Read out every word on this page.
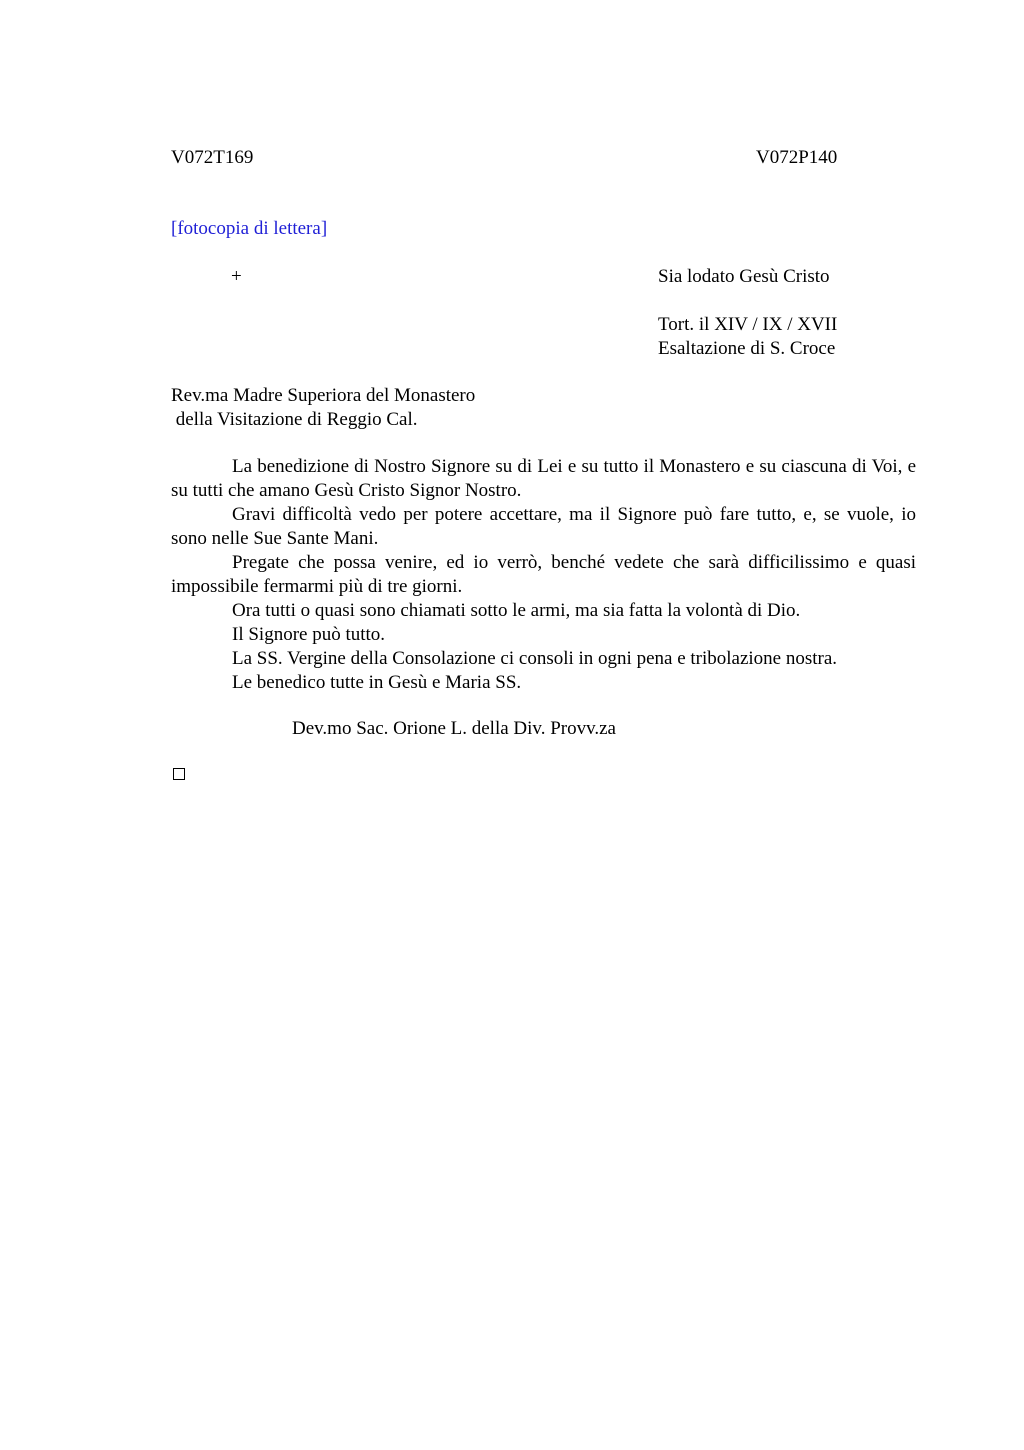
V072T169	V072P140
[fotocopia di lettera]
+	Sia lodato Gesù Cristo
Tort. il XIV / IX / XVII
Esaltazione di S. Croce
Rev.ma Madre Superiora del Monastero
della Visitazione di Reggio Cal.

La benedizione di Nostro Signore su di Lei e su tutto il Monastero e su ciascuna di Voi, e su tutti che amano Gesù Cristo Signor Nostro.

Gravi difficoltà vedo per potere accettare, ma il Signore può fare tutto, e, se vuole, io sono nelle Sue Sante Mani.

Pregate che possa venire, ed io verrò, benché vedete che sarà difficilissimo e quasi impossibile fermarmi più di tre giorni.

Ora tutti o quasi sono chiamati sotto le armi, ma sia fatta la volontà di Dio.

Il Signore può tutto.

La SS. Vergine della Consolazione ci consoli in ogni pena e tribolazione nostra.

Le benedico tutte in Gesù e Maria SS.

Dev.mo Sac. Orione L. della Div. Provv.za
